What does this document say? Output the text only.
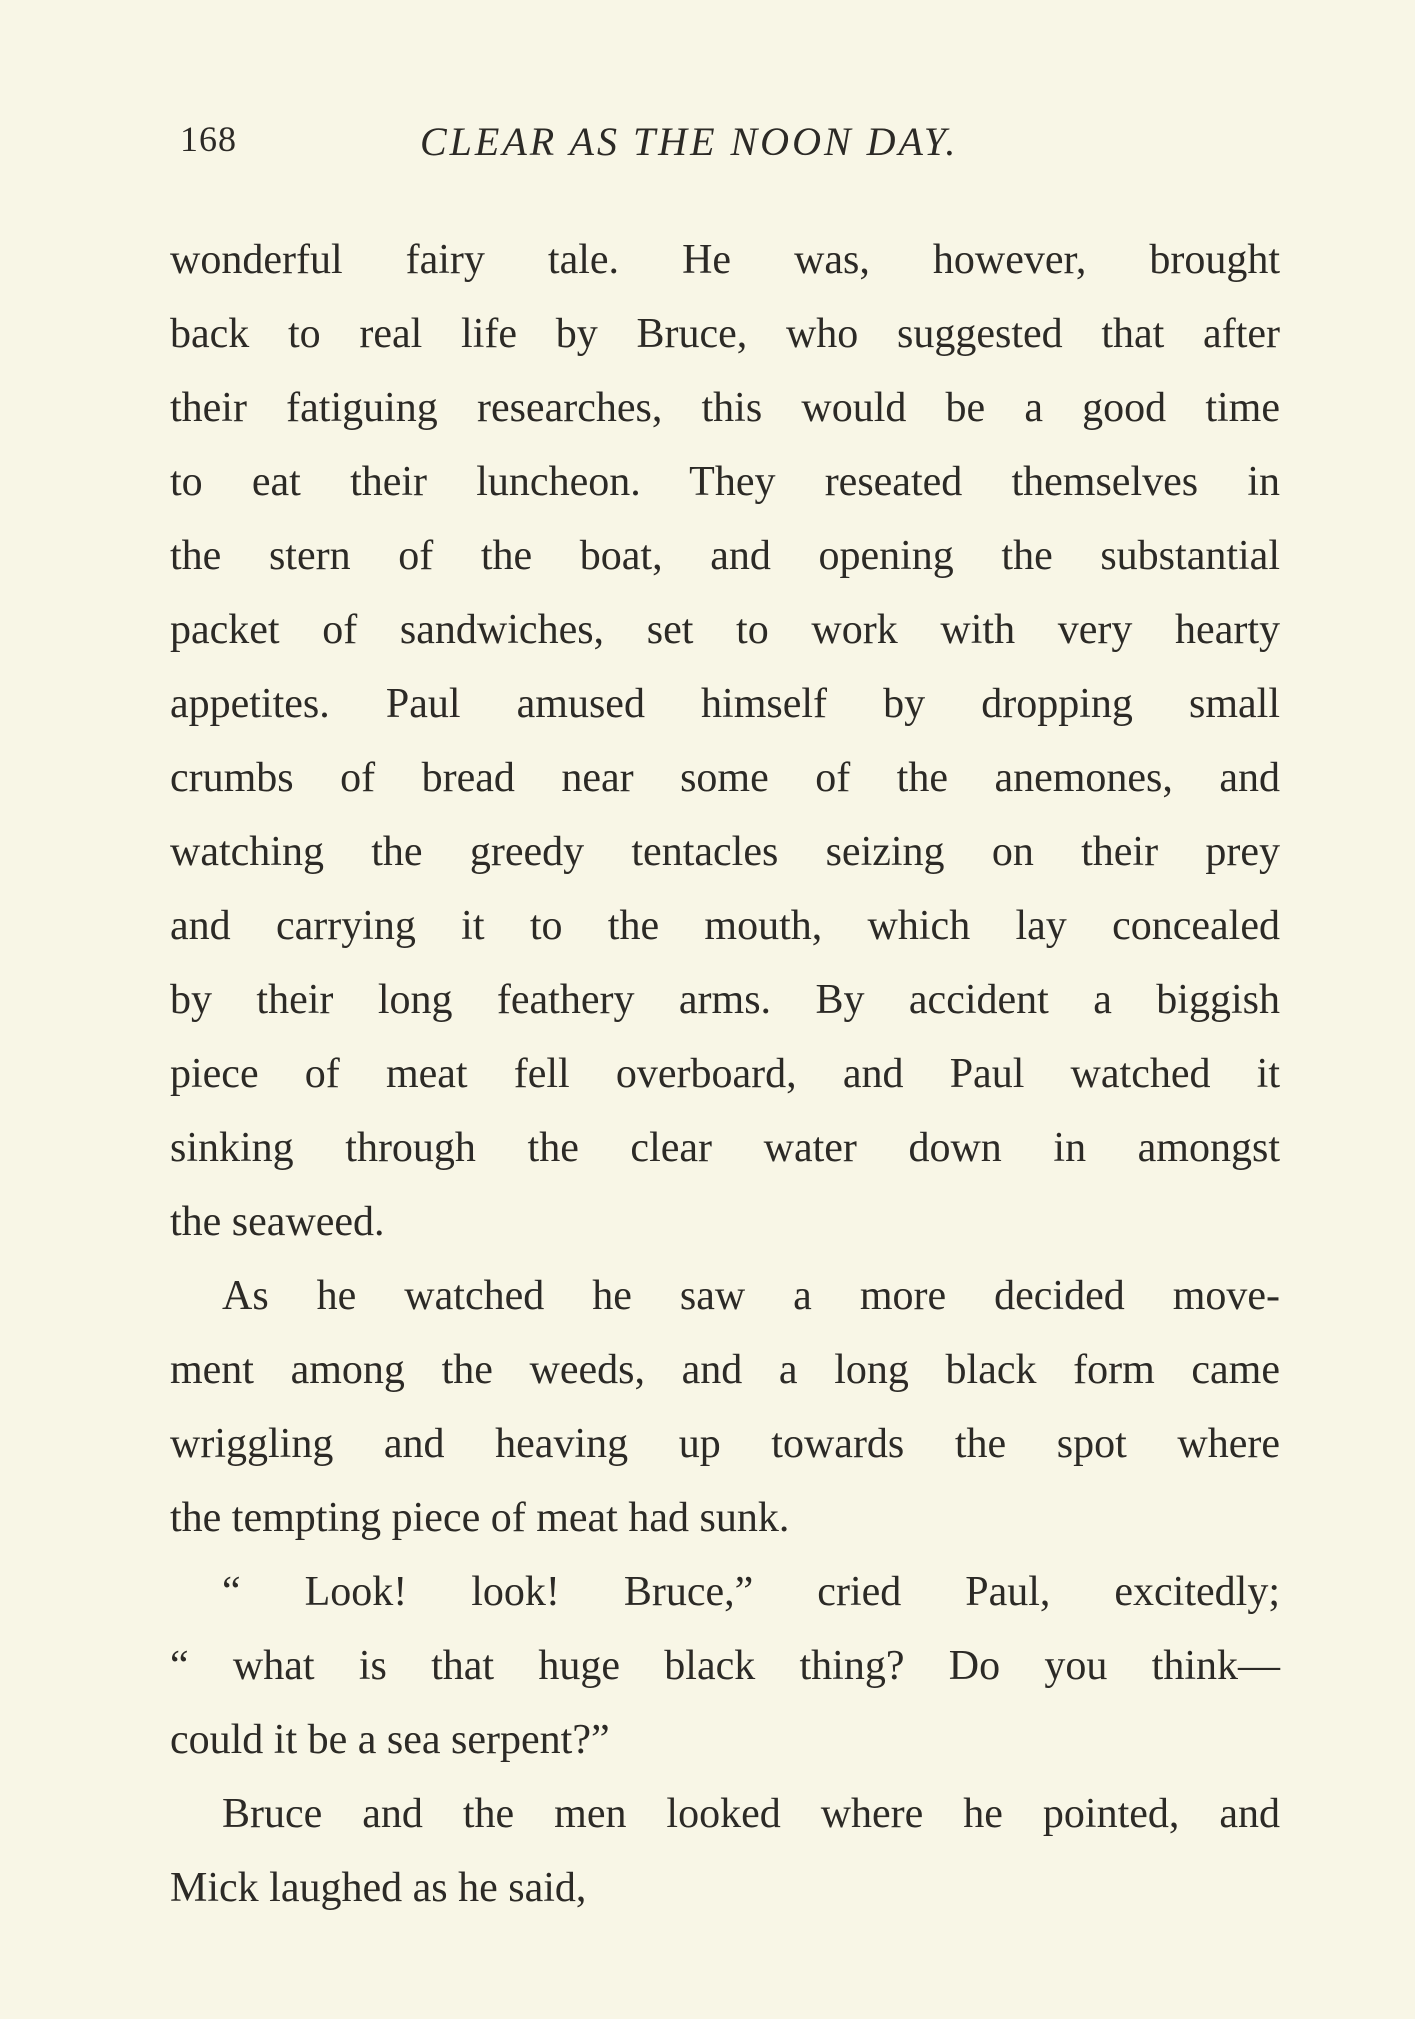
168	CLEAR AS THE NOON DAY.
wonderful fairy tale. He was, however, brought
back to real life by Bruce, who suggested that after
their fatiguing researches, this would be a good time
to eat their luncheon. They reseated themselves in
the stern of the boat, and opening the substantial
packet of sandwiches, set to work with very hearty
appetites. Paul amused himself by dropping small
crumbs of bread near some of the anemones, and
watching the greedy tentacles seizing on their prey
and carrying it to the mouth, which lay concealed
by their long feathery arms. By accident a biggish
piece of meat fell overboard, and Paul watched it
sinking through the clear water down in amongst
the seaweed.
As he watched he saw a more decided move-
ment among the weeds, and a long black form came
wriggling and heaving up towards the spot where
the tempting piece of meat had sunk.
“ Look! look! Bruce,” cried Paul, excitedly;
“ what is that huge black thing? Do you think—
could it be a sea serpent?”
Bruce and the men looked where he pointed, and
Mick laughed as he said,
